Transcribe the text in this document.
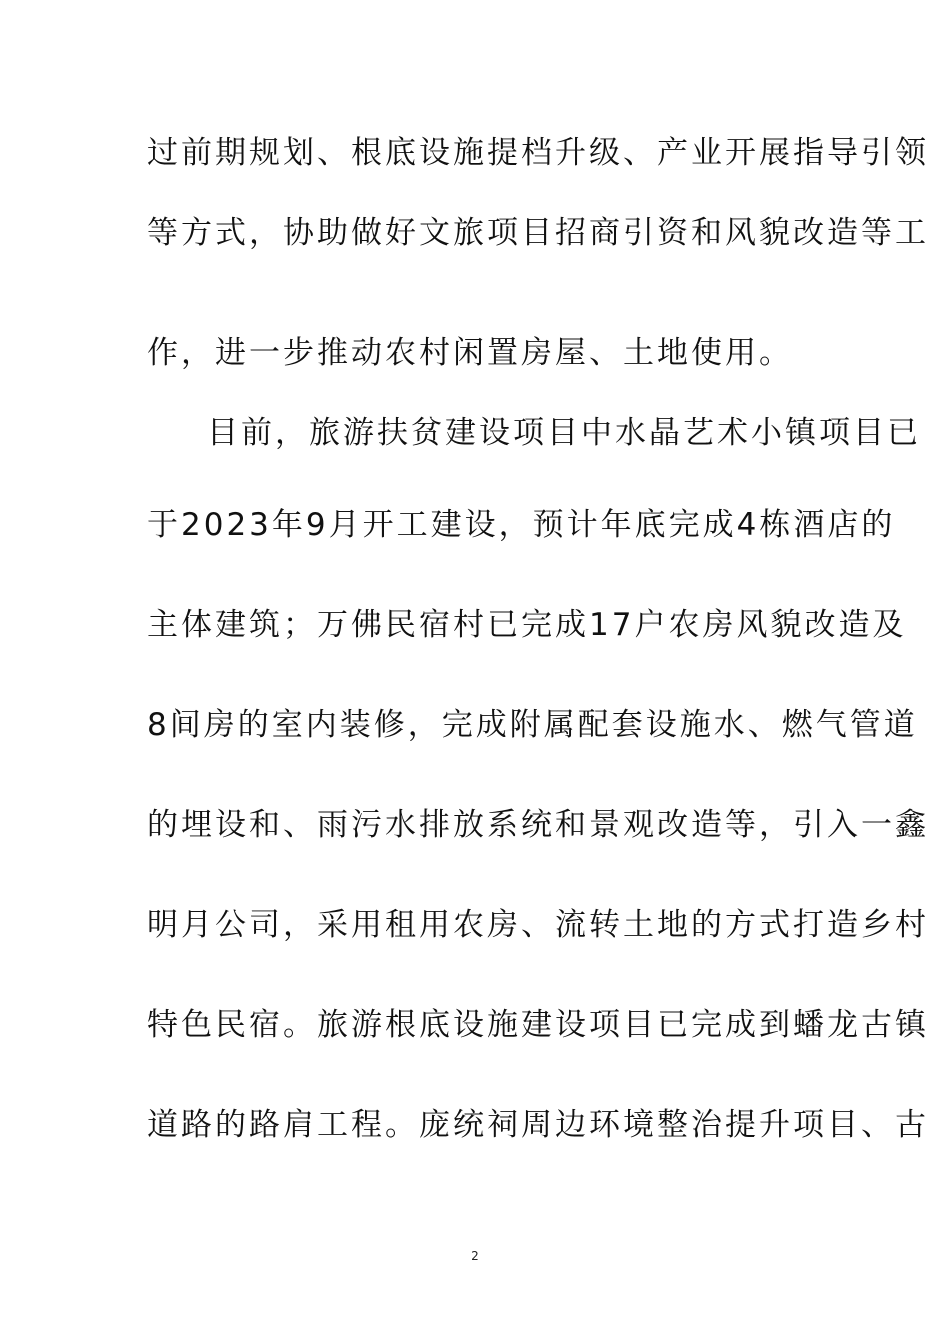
过前期规划、根底设施提档升级、产业开展指导引领
等方式，协助做好文旅项目招商引资和风貌改造等工
作，进一步推动农村闲置房屋、土地使用。
目前，旅游扶贫建设项目中水晶艺术小镇项目已
于2023年9月开工建设，预计年底完成4栋酒店的
主体建筑；万佛民宿村已完成17户农房风貌改造及
8间房的室内装修，完成附属配套设施水、燃气管道
的埋设和、雨污水排放系统和景观改造等，引入一鑫
明月公司，采用租用农房、流转土地的方式打造乡村
特色民宿。旅游根底设施建设项目已完成到蟠龙古镇
道路的路肩工程。庞统祠周边环境整治提升项目、古
2
